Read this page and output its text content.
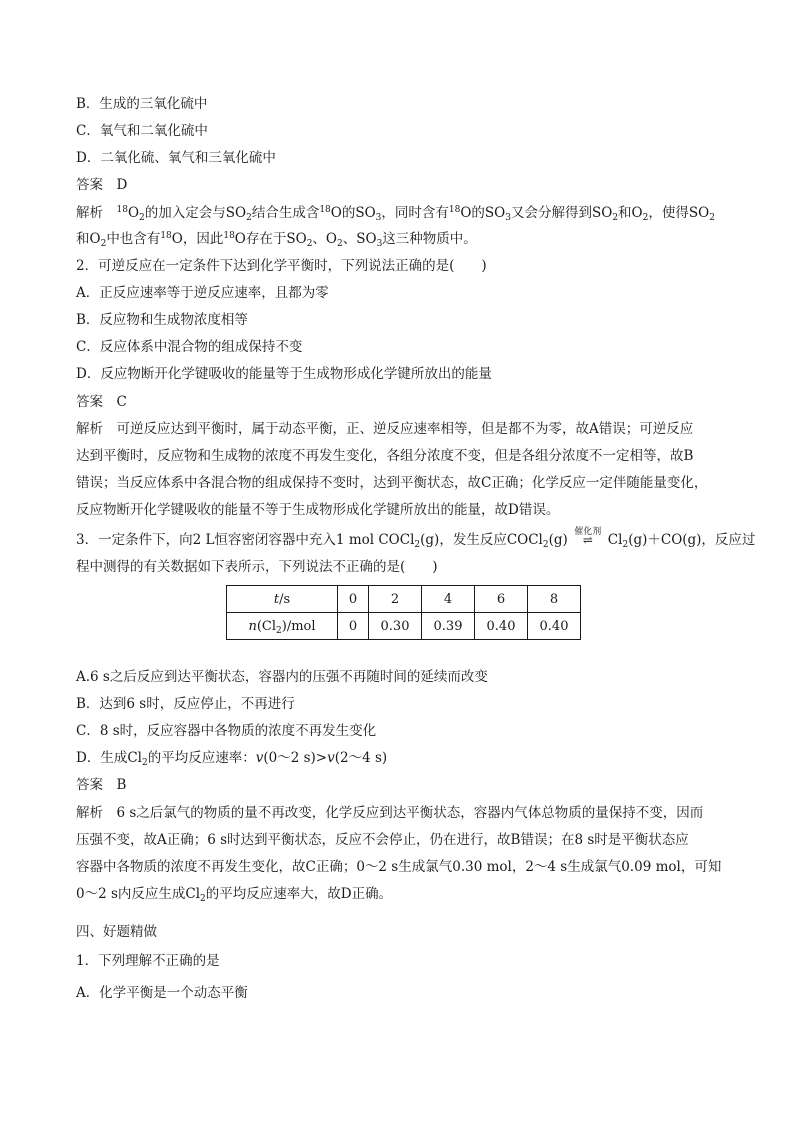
B．生成的三氧化硫中
C．氧气和二氧化硫中
D．二氧化硫、氧气和三氧化硫中
答案　D
解析　$^{18}O_2$的加入定会与$SO_2$结合生成含$^{18}$O的$SO_3$，同时含有$^{18}$O的$SO_3$又会分解得到$SO_2$和$O_2$，使得$SO_2$
和$O_2$中也含有$^{18}$O，因此$^{18}$O存在于$SO_2$、$O_2$、$SO_3$这三种物质中。
2．可逆反应在一定条件下达到化学平衡时，下列说法正确的是(　　)
A．正反应速率等于逆反应速率，且都为零
B．反应物和生成物浓度相等
C．反应体系中混合物的组成保持不变
D．反应物断开化学键吸收的能量等于生成物形成化学键所放出的能量
答案　C
解析　可逆反应达到平衡时，属于动态平衡，正、逆反应速率相等，但是都不为零，故A错误；可逆反应
达到平衡时，反应物和生成物的浓度不再发生变化，各组分浓度不变，但是各组分浓度不一定相等，故B
错误；当反应体系中各混合物的组成保持不变时，达到平衡状态，故C正确；化学反应一定伴随能量变化，
反应物断开化学键吸收的能量不等于生成物形成化学键所放出的能量，故D错误。
3．一定条件下，向2 L恒容密闭容器中充入1 mol COCl$_2$(g)，发生反应COCl$_2$(g) 催化剂
⇌	$Cl_2(g)+CO(g)$，反应过
程中测得的有关数据如下表所示，下列说法不正确的是(　　)
t/s	0	2	4	6	8
$n(Cl_2)$/mol	0	0.30	0.39	0.40	0.40
A.6 s之后反应到达平衡状态，容器内的压强不再随时间的延续而改变
B．达到6 s时，反应停止，不再进行
C．8 s时，反应容器中各物质的浓度不再发生变化
D．生成$Cl_2$的平均反应速率：v(0～2 s)>v(2～4 s)
答案　B
解析　6 s之后氯气的物质的量不再改变，化学反应到达平衡状态，容器内气体总物质的量保持不变，因而
压强不变，故A正确；6 s时达到平衡状态，反应不会停止，仍在进行，故B错误；在8 s时是平衡状态应
容器中各物质的浓度不再发生变化，故C正确；0～2 s生成氯气0.30 mol，2～4 s生成氯气0.09 mol，可知
0～2 s内反应生成$Cl_2$的平均反应速率大，故D正确。
四、好题精做
1．下列理解不正确的是
A．化学平衡是一个动态平衡
